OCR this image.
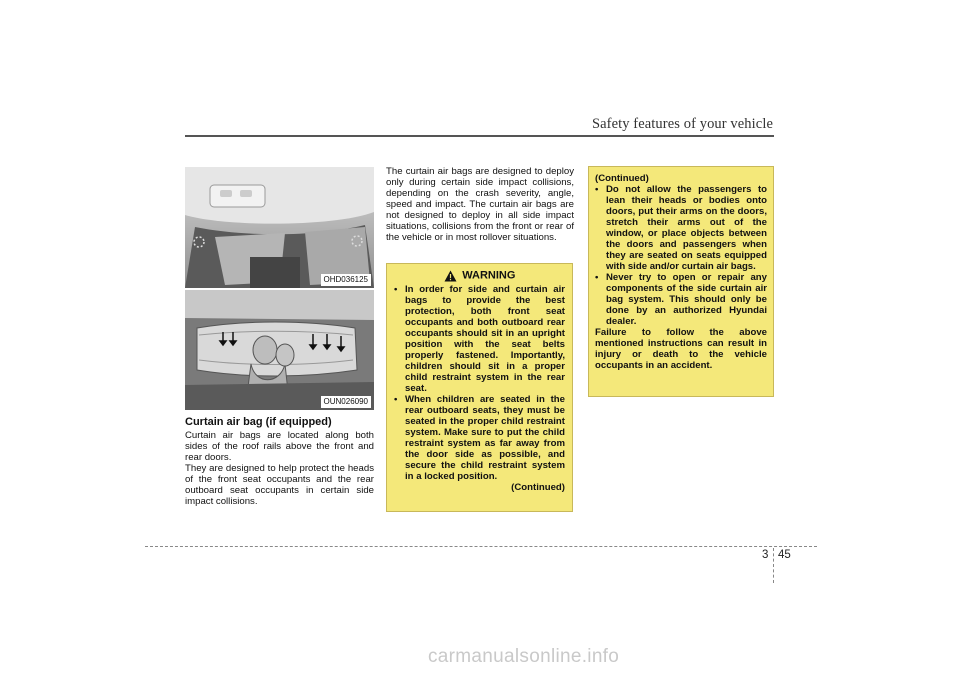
Safety features of your vehicle
OHD036125
OUN026090
Curtain air bag (if equipped)
Curtain air bags are located along both sides of the roof rails above the front and rear doors.
They are designed to help protect the heads of the front seat occupants and the rear outboard seat occupants in certain side impact collisions.
The curtain air bags are designed to deploy only during certain side impact collisions, depending on the crash severity, angle, speed and impact. The curtain air bags are not designed to deploy in all side impact situations, collisions from the front or rear of the vehicle or in most rollover situations.
WARNING
• In order for side and curtain air bags to provide the best protection, both front seat occupants and both outboard rear occupants should sit in an upright position with the seat belts properly fastened. Importantly, children should sit in a proper child restraint system in the rear seat.
• When children are seated in the rear outboard seats, they must be seated in the proper child restraint system. Make sure to put the child restraint system as far away from the door side as possible, and secure the child restraint system in a locked position.
(Continued)
(Continued)
• Do not allow the passengers to lean their heads or bodies onto doors, put their arms on the doors, stretch their arms out of the window, or place objects between the doors and passengers when they are seated on seats equipped with side and/or curtain air bags.
• Never try to open or repair any components of the side curtain air bag system. This should only be done by an authorized Hyundai dealer.
Failure to follow the above mentioned instructions can result in injury or death to the vehicle occupants in an accident.
3 45
carmanualsonline.info
